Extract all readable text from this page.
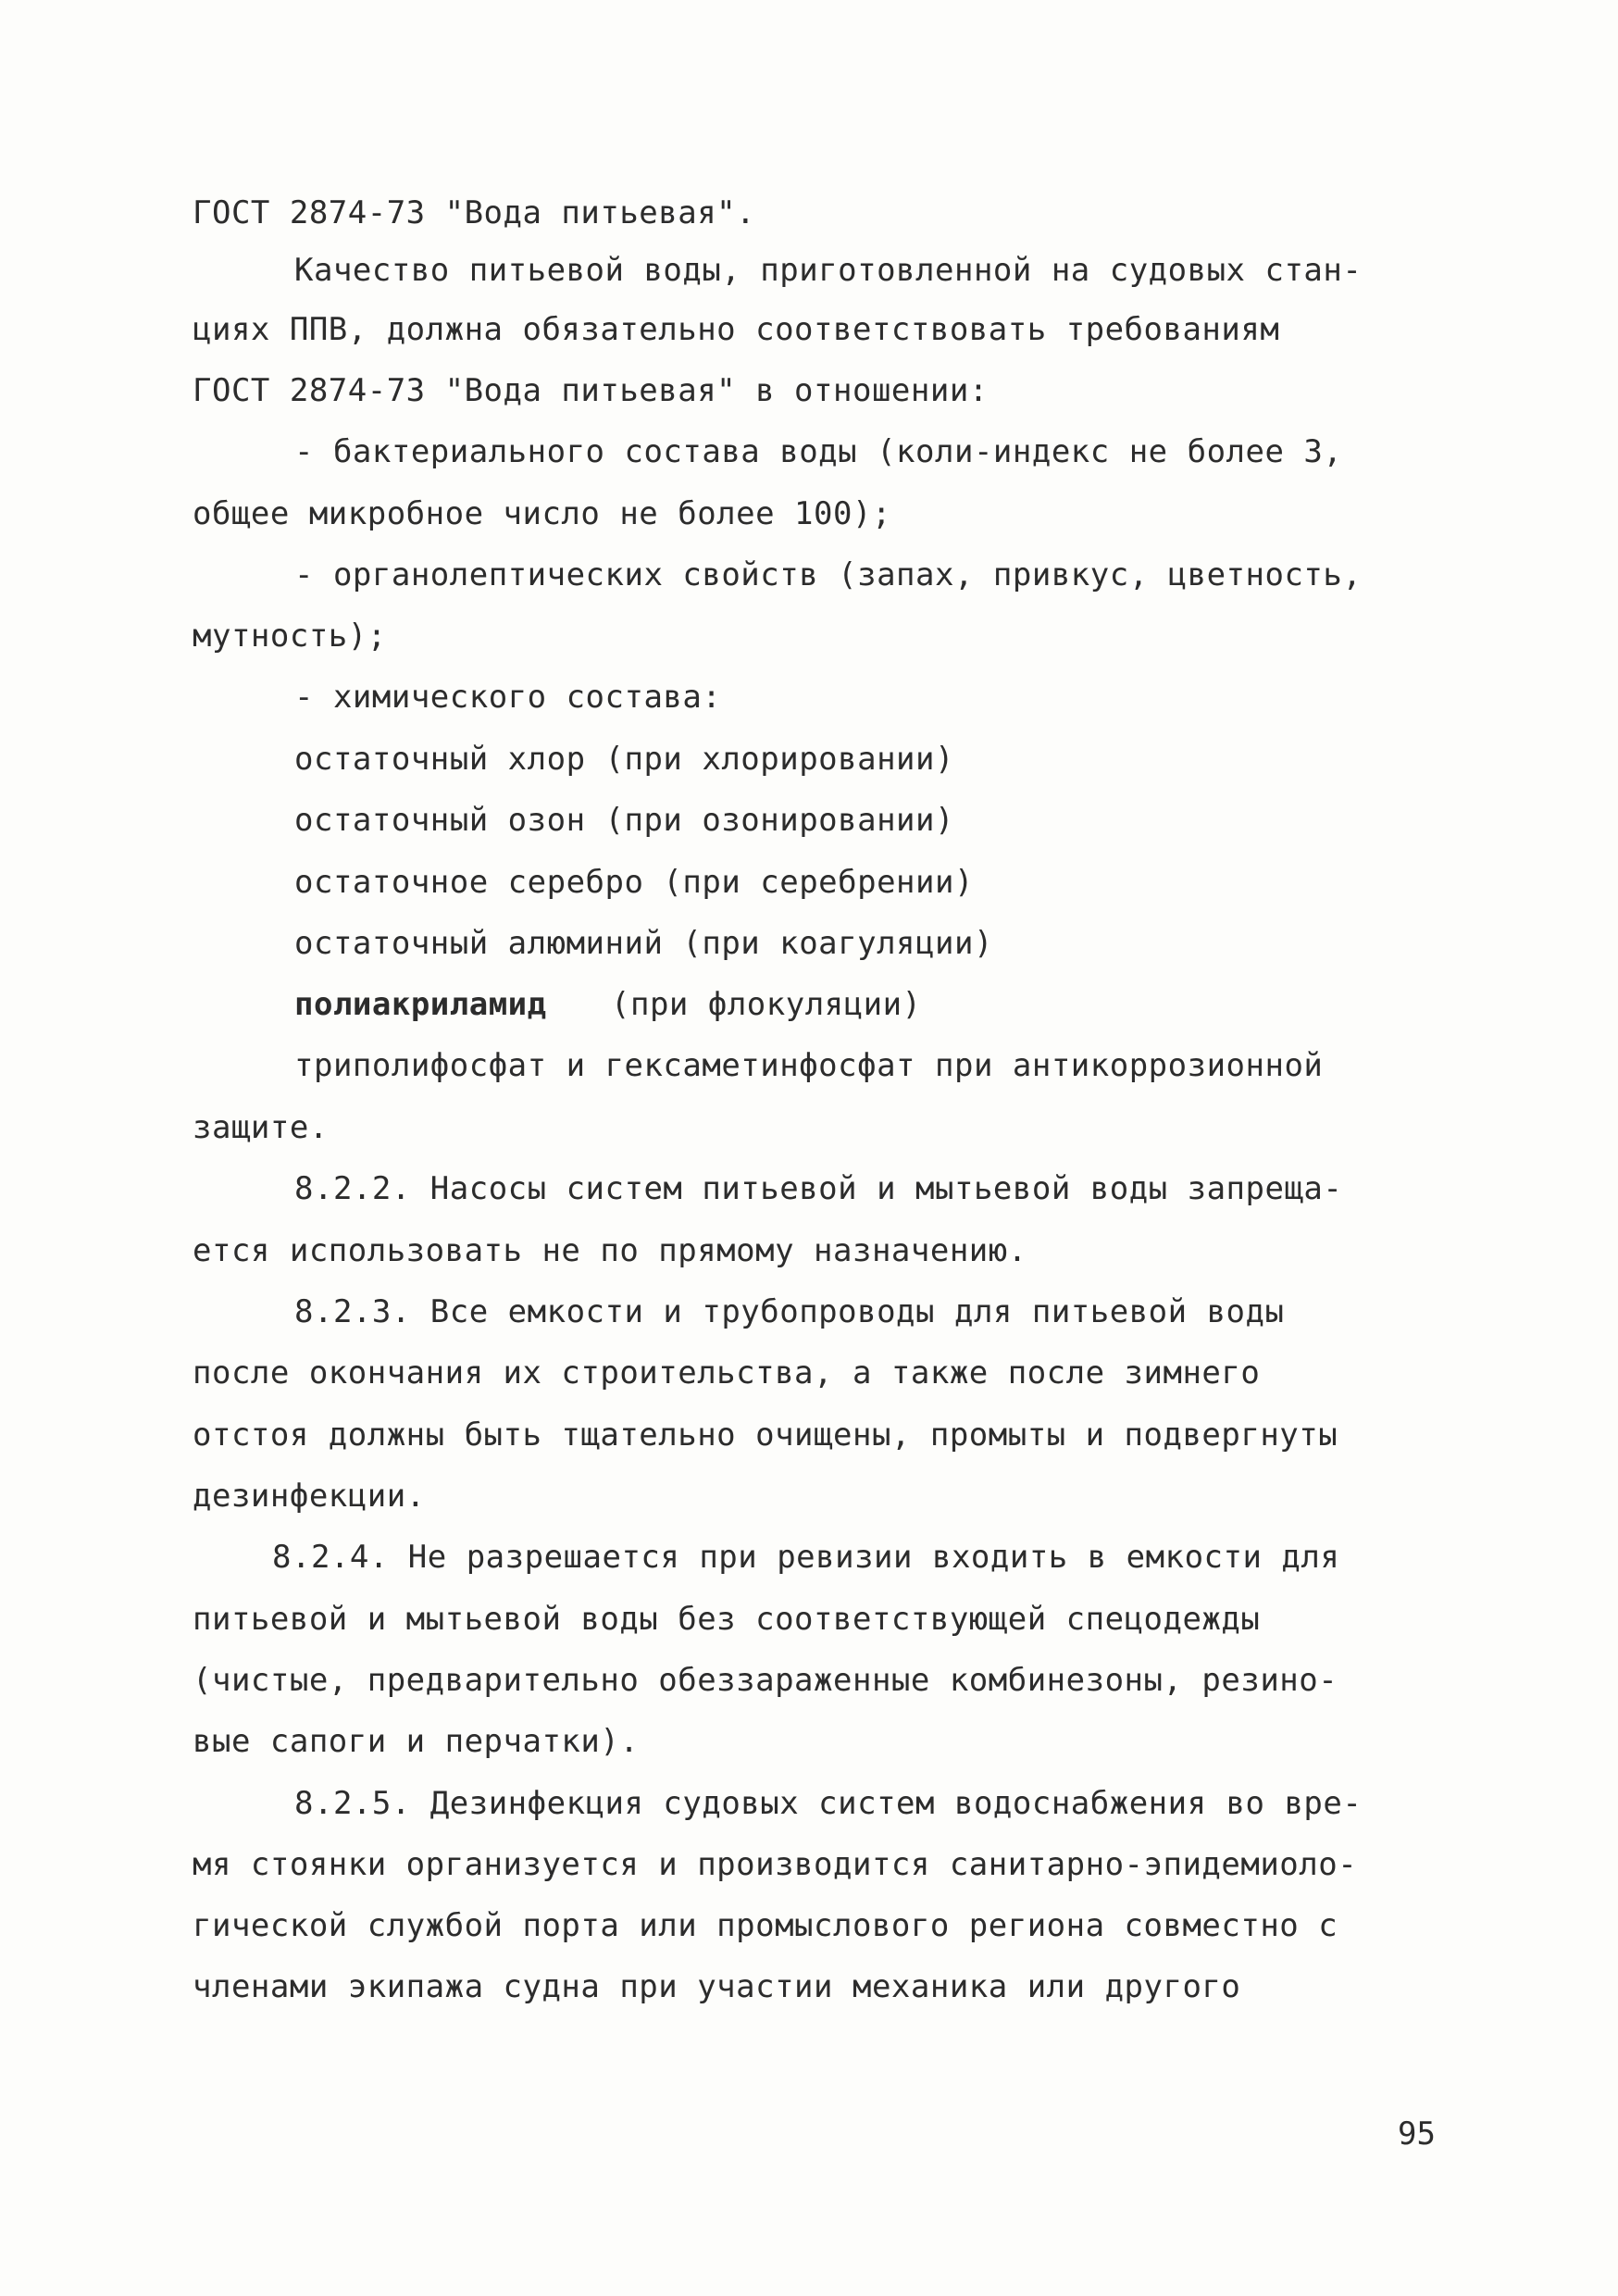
ГОСТ 2874-73 "Вода питьевая".
Качество питьевой воды, приготовленной на судовых стан-
циях ППВ, должна обязательно соответствовать требованиям
ГОСТ 2874-73 "Вода питьевая" в отношении:
- бактериального состава воды (коли-индекс не более 3,
общее микробное число не более 100);
- органолептических свойств (запах, привкус, цветность,
мутность);
- химического состава:
остаточный хлор (при хлорировании)
остаточный озон (при озонировании)
остаточное серебро (при серебрении)
остаточный алюминий (при коагуляции)
полиакриламид (при флокуляции)
триполифосфат и гексаметинфосфат при антикоррозионной
защите.
8.2.2. Насосы систем питьевой и мытьевой воды запреща-
ется использовать не по прямому назначению.
8.2.3. Все емкости и трубопроводы для питьевой воды
после окончания их строительства, а также после зимнего
отстоя должны быть тщательно очищены, промыты и подвергнуты
дезинфекции.
8.2.4. Не разрешается при ревизии входить в емкости для
питьевой и мытьевой воды без соответствующей спецодежды
(чистые, предварительно обеззараженные комбинезоны, резино-
вые сапоги и перчатки).
8.2.5. Дезинфекция судовых систем водоснабжения во вре-
мя стоянки организуется и производится санитарно-эпидемиоло-
гической службой порта или промыслового региона совместно с
членами экипажа судна при участии механика или другого
95
